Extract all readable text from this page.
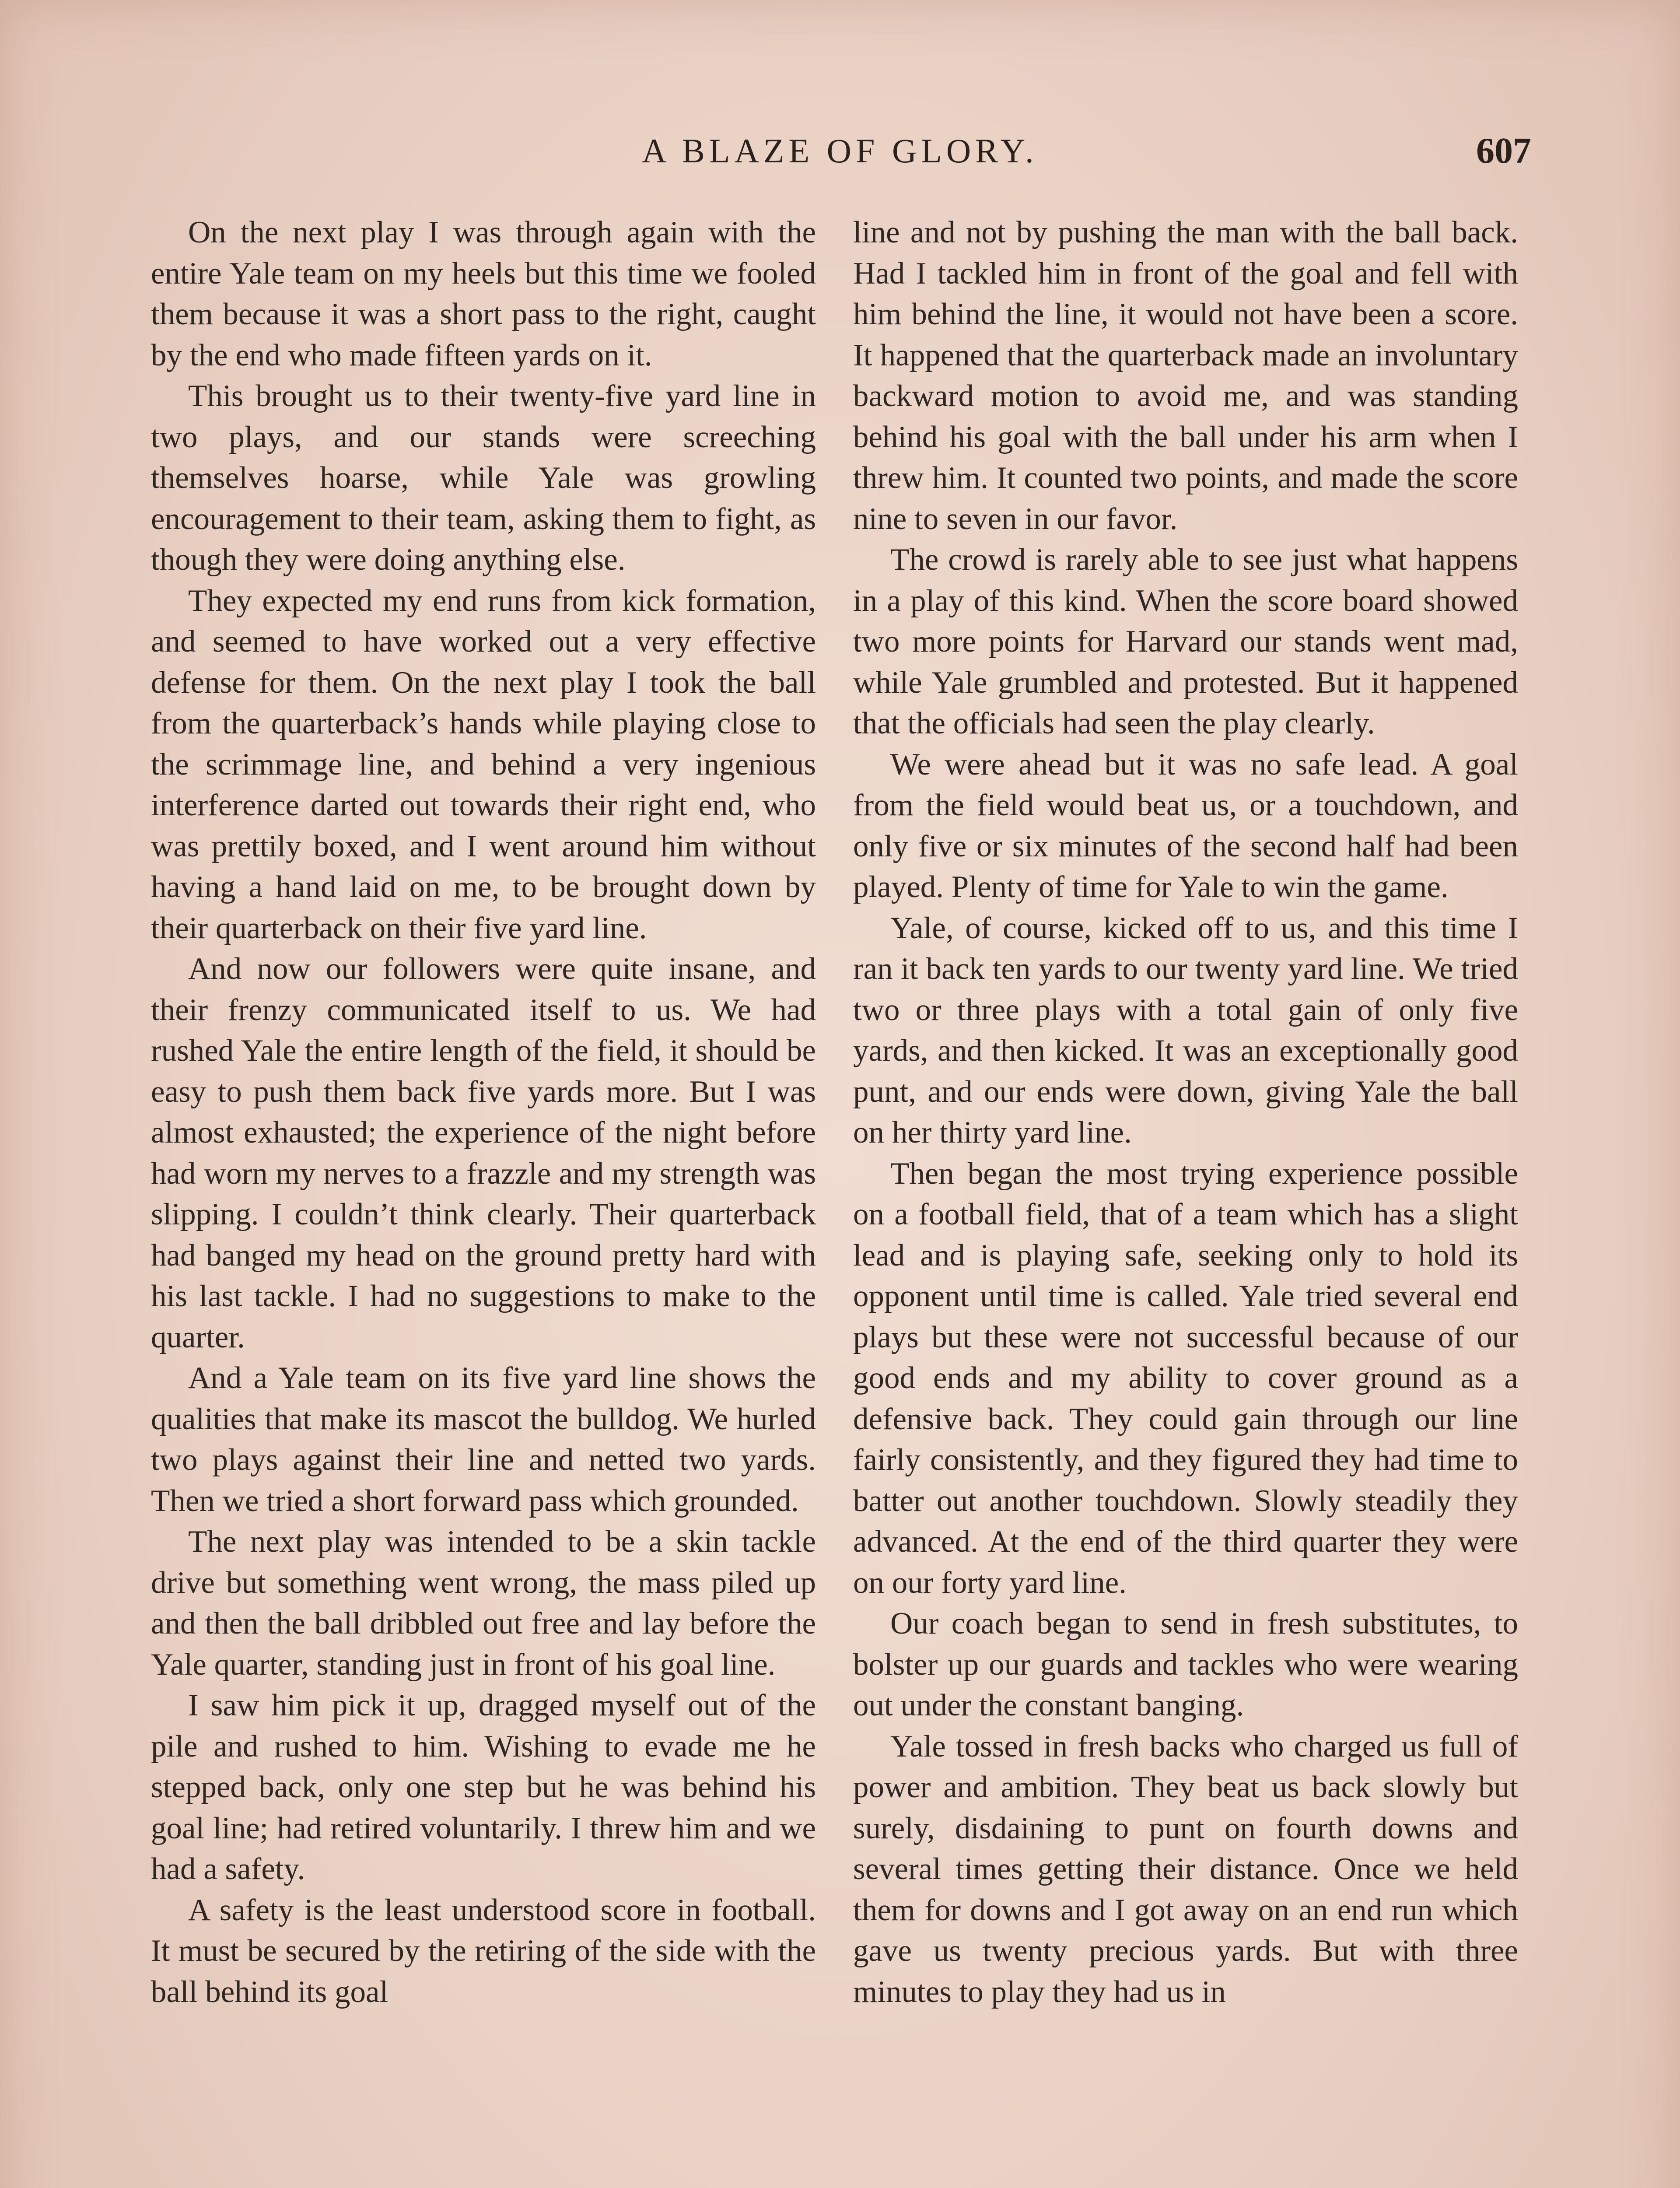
A BLAZE OF GLORY.	607

On the next play I was through again with the entire Yale team on my heels but this time we fooled them because it was a short pass to the right, caught by the end who made fifteen yards on it.

This brought us to their twenty-five yard line in two plays, and our stands were screeching themselves hoarse, while Yale was growling encouragement to their team, asking them to fight, as though they were doing anything else.

They expected my end runs from kick formation, and seemed to have worked out a very effective defense for them. On the next play I took the ball from the quarterback’s hands while playing close to the scrimmage line, and behind a very ingenious interference darted out towards their right end, who was prettily boxed, and I went around him without having a hand laid on me, to be brought down by their quarterback on their five yard line.

And now our followers were quite insane, and their frenzy communicated itself to us. We had rushed Yale the entire length of the field, it should be easy to push them back five yards more. But I was almost exhausted; the experience of the night before had worn my nerves to a frazzle and my strength was slipping. I couldn’t think clearly. Their quarterback had banged my head on the ground pretty hard with his last tackle. I had no suggestions to make to the quarter.

And a Yale team on its five yard line shows the qualities that make its mascot the bulldog. We hurled two plays against their line and netted two yards. Then we tried a short forward pass which grounded.

The next play was intended to be a skin tackle drive but something went wrong, the mass piled up and then the ball dribbled out free and lay before the Yale quarter, standing just in front of his goal line.

I saw him pick it up, dragged myself out of the pile and rushed to him. Wishing to evade me he stepped back, only one step but he was behind his goal line; had retired voluntarily. I threw him and we had a safety.

A safety is the least understood score in football. It must be secured by the retiring of the side with the ball behind its goal

line and not by pushing the man with the ball back. Had I tackled him in front of the goal and fell with him behind the line, it would not have been a score. It happened that the quarterback made an involuntary backward motion to avoid me, and was standing behind his goal with the ball under his arm when I threw him. It counted two points, and made the score nine to seven in our favor.

The crowd is rarely able to see just what happens in a play of this kind. When the score board showed two more points for Harvard our stands went mad, while Yale grumbled and protested. But it happened that the officials had seen the play clearly.

We were ahead but it was no safe lead. A goal from the field would beat us, or a touchdown, and only five or six minutes of the second half had been played. Plenty of time for Yale to win the game.

Yale, of course, kicked off to us, and this time I ran it back ten yards to our twenty yard line. We tried two or three plays with a total gain of only five yards, and then kicked. It was an exceptionally good punt, and our ends were down, giving Yale the ball on her thirty yard line.

Then began the most trying experience possible on a football field, that of a team which has a slight lead and is playing safe, seeking only to hold its opponent until time is called. Yale tried several end plays but these were not successful because of our good ends and my ability to cover ground as a defensive back. They could gain through our line fairly consistently, and they figured they had time to batter out another touchdown. Slowly steadily they advanced. At the end of the third quarter they were on our forty yard line.

Our coach began to send in fresh substitutes, to bolster up our guards and tackles who were wearing out under the constant banging.

Yale tossed in fresh backs who charged us full of power and ambition. They beat us back slowly but surely, disdaining to punt on fourth downs and several times getting their distance. Once we held them for downs and I got away on an end run which gave us twenty precious yards. But with three minutes to play they had us in
